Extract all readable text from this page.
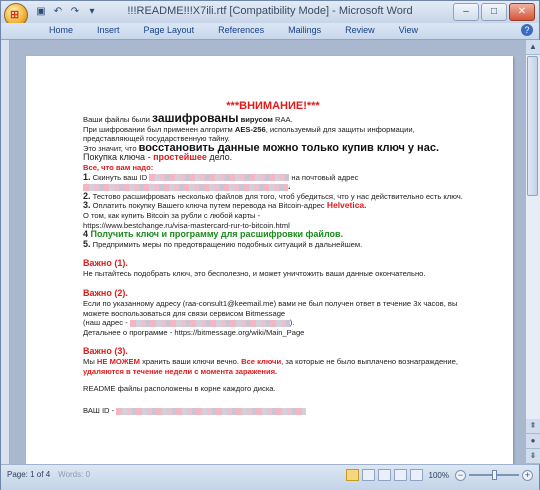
⊞ ▣ ↶ ↷	▾	!!!README!!!X7ili.rtf [Compatibility Mode] - Microsoft Word	–	□	✕
Home	Insert	Page Layout	References	Mailings	Review	View	?

***ВНИМАНИЕ!***

Ваши файлы были зашифрованы вирусом RAA.

При шифровании был применен алгоритм AES-256, используемый для защиты информации, представляющей государственную тайну.

Это значит, что восстановить данные можно только купив ключ у нас.

Покупка ключа - простейшее дело.

Все, что вам надо:

1. Скинуть ваш ID	на почтовый адрес
.

2. Тестово расшифровать несколько файлов для того, чтоб убедиться, что у нас действительно есть ключ.

3. Оплатить покупку Вашего ключа путем перевода на Bitcoin-адрес Helvetica.

О том, как купить Bitcoin за рубли с любой карты -

https://www.bestchange.ru/visa-mastercard-rur-to-bitcoin.html

4 Получить ключ и программу для расшифровки файлов.

5. Предпримить меры по предотвращению подобных ситуаций в дальнейшем.

Важно (1).

Не пытайтесь подобрать ключ, это бесполезно, и может уничтожить ваши данные окончательно.

Важно (2).

Если по указанному адресу (raa-consult1@keemail.me) вами не был получен ответ в течение 3х часов, вы можете воспользоваться для связи сервисом Bitmessage

(наш адрес -	).

Детальнее о программе - https://bitmessage.org/wiki/Main_Page

Важно (3).

Мы НЕ МОЖЕМ хранить ваши ключи вечно. Все ключи, за которые не было выплачено вознаграждение, удаляются в течение недели с момента заражения.

README файлы расположены в корне каждого диска.

ВАШ ID -

▲
⇞
●
⇟
Page: 1 of 4 Words: 0	100% −	+
